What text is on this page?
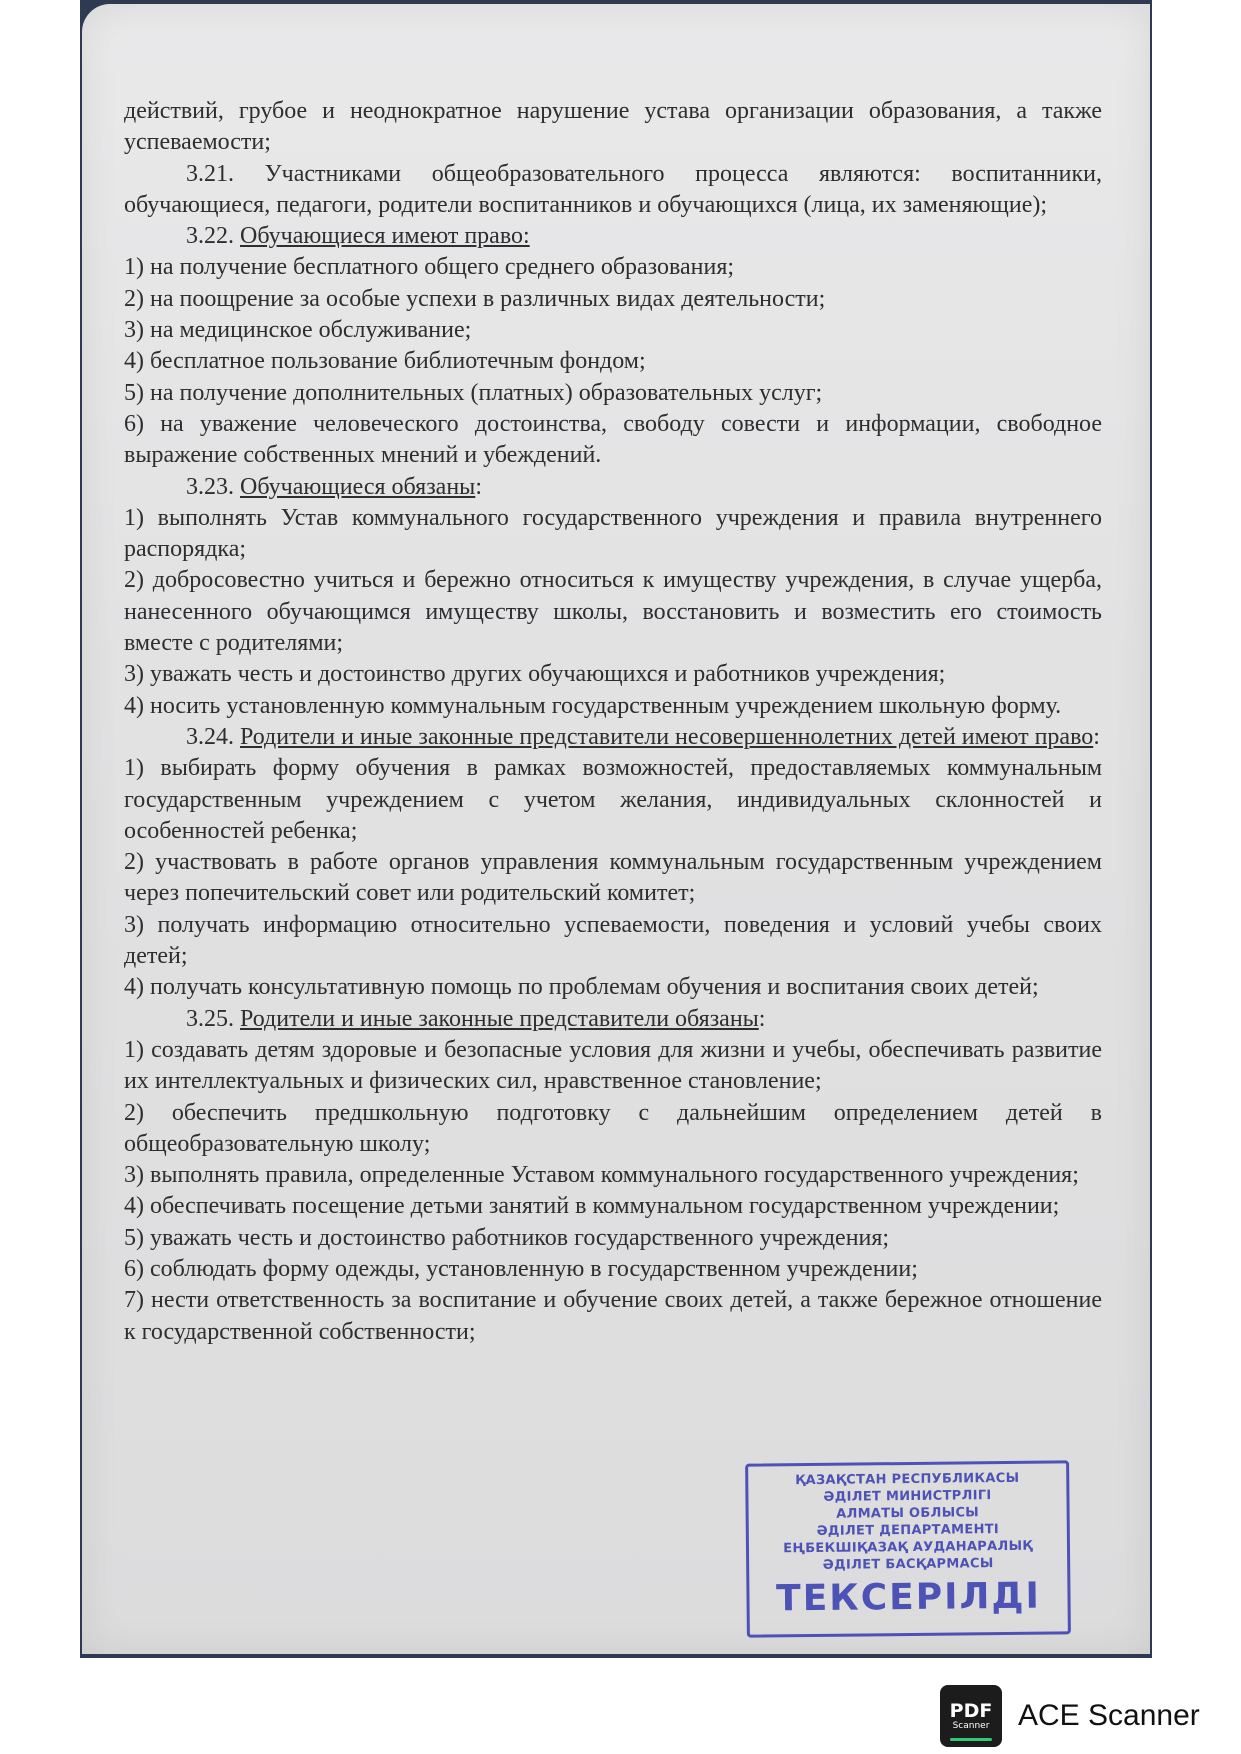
действий, грубое и неоднократное нарушение устава организации образования, а также успеваемости;

3.21. Участниками общеобразовательного процесса являются: воспитанники, обучающиеся, педагоги, родители воспитанников и обучающихся (лица, их заменяющие);

3.22. Обучающиеся имеют право:

1) на получение бесплатного общего среднего образования;

2) на поощрение за особые успехи в различных видах деятельности;

3) на медицинское обслуживание;

4) бесплатное пользование библиотечным фондом;

5) на получение дополнительных (платных) образовательных услуг;

6) на уважение человеческого достоинства, свободу совести и информации, свободное выражение собственных мнений и убеждений.

3.23. Обучающиеся обязаны:

1) выполнять Устав коммунального государственного учреждения и правила внутреннего распорядка;

2) добросовестно учиться и бережно относиться к имуществу учреждения, в случае ущерба, нанесенного обучающимся имуществу школы, восстановить и возместить его стоимость вместе с родителями;

3) уважать честь и достоинство других обучающихся и работников учреждения;

4) носить установленную коммунальным государственным учреждением школьную форму.

3.24. Родители и иные законные представители несовершеннолетних детей имеют право:

1) выбирать форму обучения в рамках возможностей, предоставляемых коммунальным государственным учреждением с учетом желания, индивидуальных склонностей и особенностей ребенка;

2) участвовать в работе органов управления коммунальным государственным учреждением через попечительский совет или родительский комитет;

3) получать информацию относительно успеваемости, поведения и условий учебы своих детей;

4) получать консультативную помощь по проблемам обучения и воспитания своих детей;

3.25. Родители и иные законные представители обязаны:

1) создавать детям здоровые и безопасные условия для жизни и учебы, обеспечивать развитие их интеллектуальных и физических сил, нравственное становление;

2) обеспечить предшкольную подготовку с дальнейшим определением детей в общеобразовательную школу;

3) выполнять правила, определенные Уставом коммунального государственного учреждения;

4) обеспечивать посещение детьми занятий в коммунальном государственном учреждении;

5) уважать честь и достоинство работников государственного учреждения;

6) соблюдать форму одежды, установленную в государственном учреждении;

7) нести ответственность за воспитание и обучение своих детей, а также бережное отношение к государственной собственности;

ҚАЗАҚСТАН РЕСПУБЛИКАСЫ
ӘДІЛЕТ МИНИСТРЛІГІ
АЛМАТЫ ОБЛЫСЫ
ӘДІЛЕТ ДЕПАРТАМЕНТІ
ЕҢБЕКШІҚАЗАҚ АУДАНАРАЛЫҚ
ӘДІЛЕТ БАСҚАРМАСЫ
ТЕКСЕРІЛДІ
PDF
Scanner ACE Scanner
